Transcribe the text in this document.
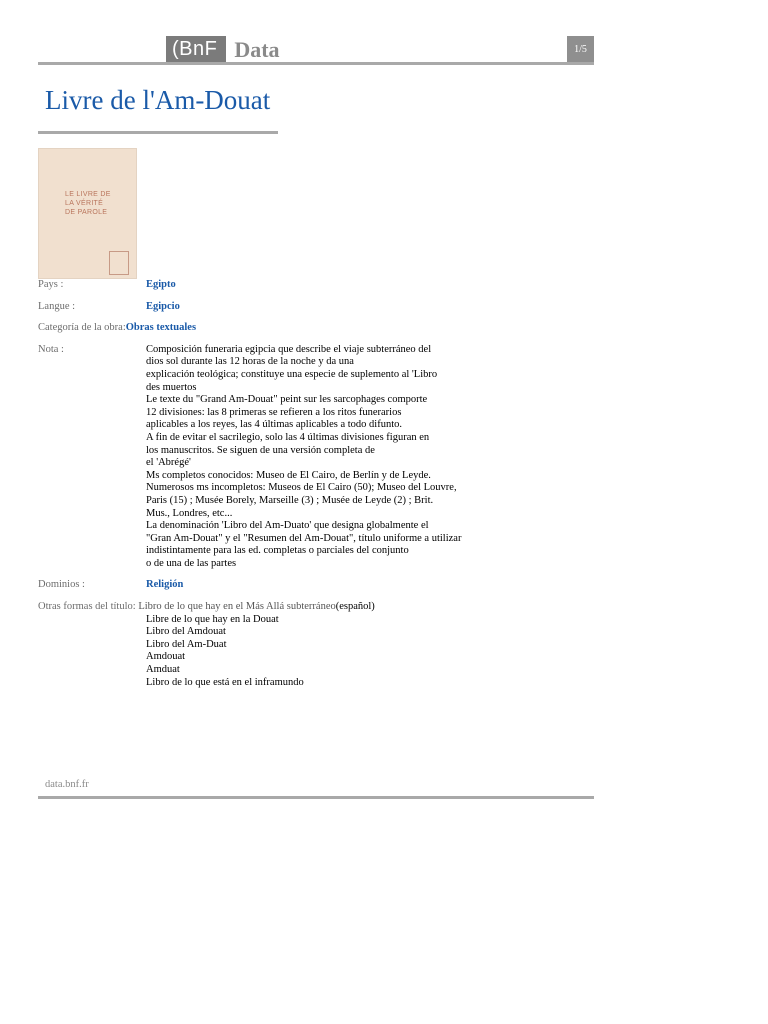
(BnF Data	1/5
Livre de l'Am-Douat
LE LIVRE DE
LA VÉRITÉ
DE PAROLE
Pays :	Egipto
Langue :	Egipcio
Categoría de la obra: Obras textuales
Nota :	Composición funeraria egipcia que describe el viaje subterráneo del
dios sol durante las 12 horas de la noche y da una
explicación teológica; constituye una especie de suplemento al 'Libro
des muertos
Le texte du "Grand Am-Douat" peint sur les sarcophages comporte
12 divisiones: las 8 primeras se refieren a los ritos funerarios
aplicables a los reyes, las 4 últimas aplicables a todo difunto.
A fin de evitar el sacrilegio, solo las 4 últimas divisiones figuran en
los manuscritos. Se siguen de una versión completa de
el 'Abrégé'
Ms completos conocidos: Museo de El Cairo, de Berlín y de Leyde.
Numerosos ms incompletos: Museos de El Cairo (50); Museo del Louvre,
Paris (15) ; Musée Borely, Marseille (3) ; Musée de Leyde (2) ; Brit.
Mus., Londres, etc...
La denominación 'Libro del Am-Duato' que designa globalmente el
"Gran Am-Douat" y el "Resumen del Am-Douat", título uniforme a utilizar
indistintamente para las ed. completas o parciales del conjunto
o de una de las partes
Dominios :	Religión
Otras formas del título: Libro de lo que hay en el Más Allá subterráneo(español)
Libre de lo que hay en la Douat
Libro del Amdouat
Libro del Am-Duat
Amdouat
Amduat
Libro de lo que está en el inframundo
data.bnf.fr
